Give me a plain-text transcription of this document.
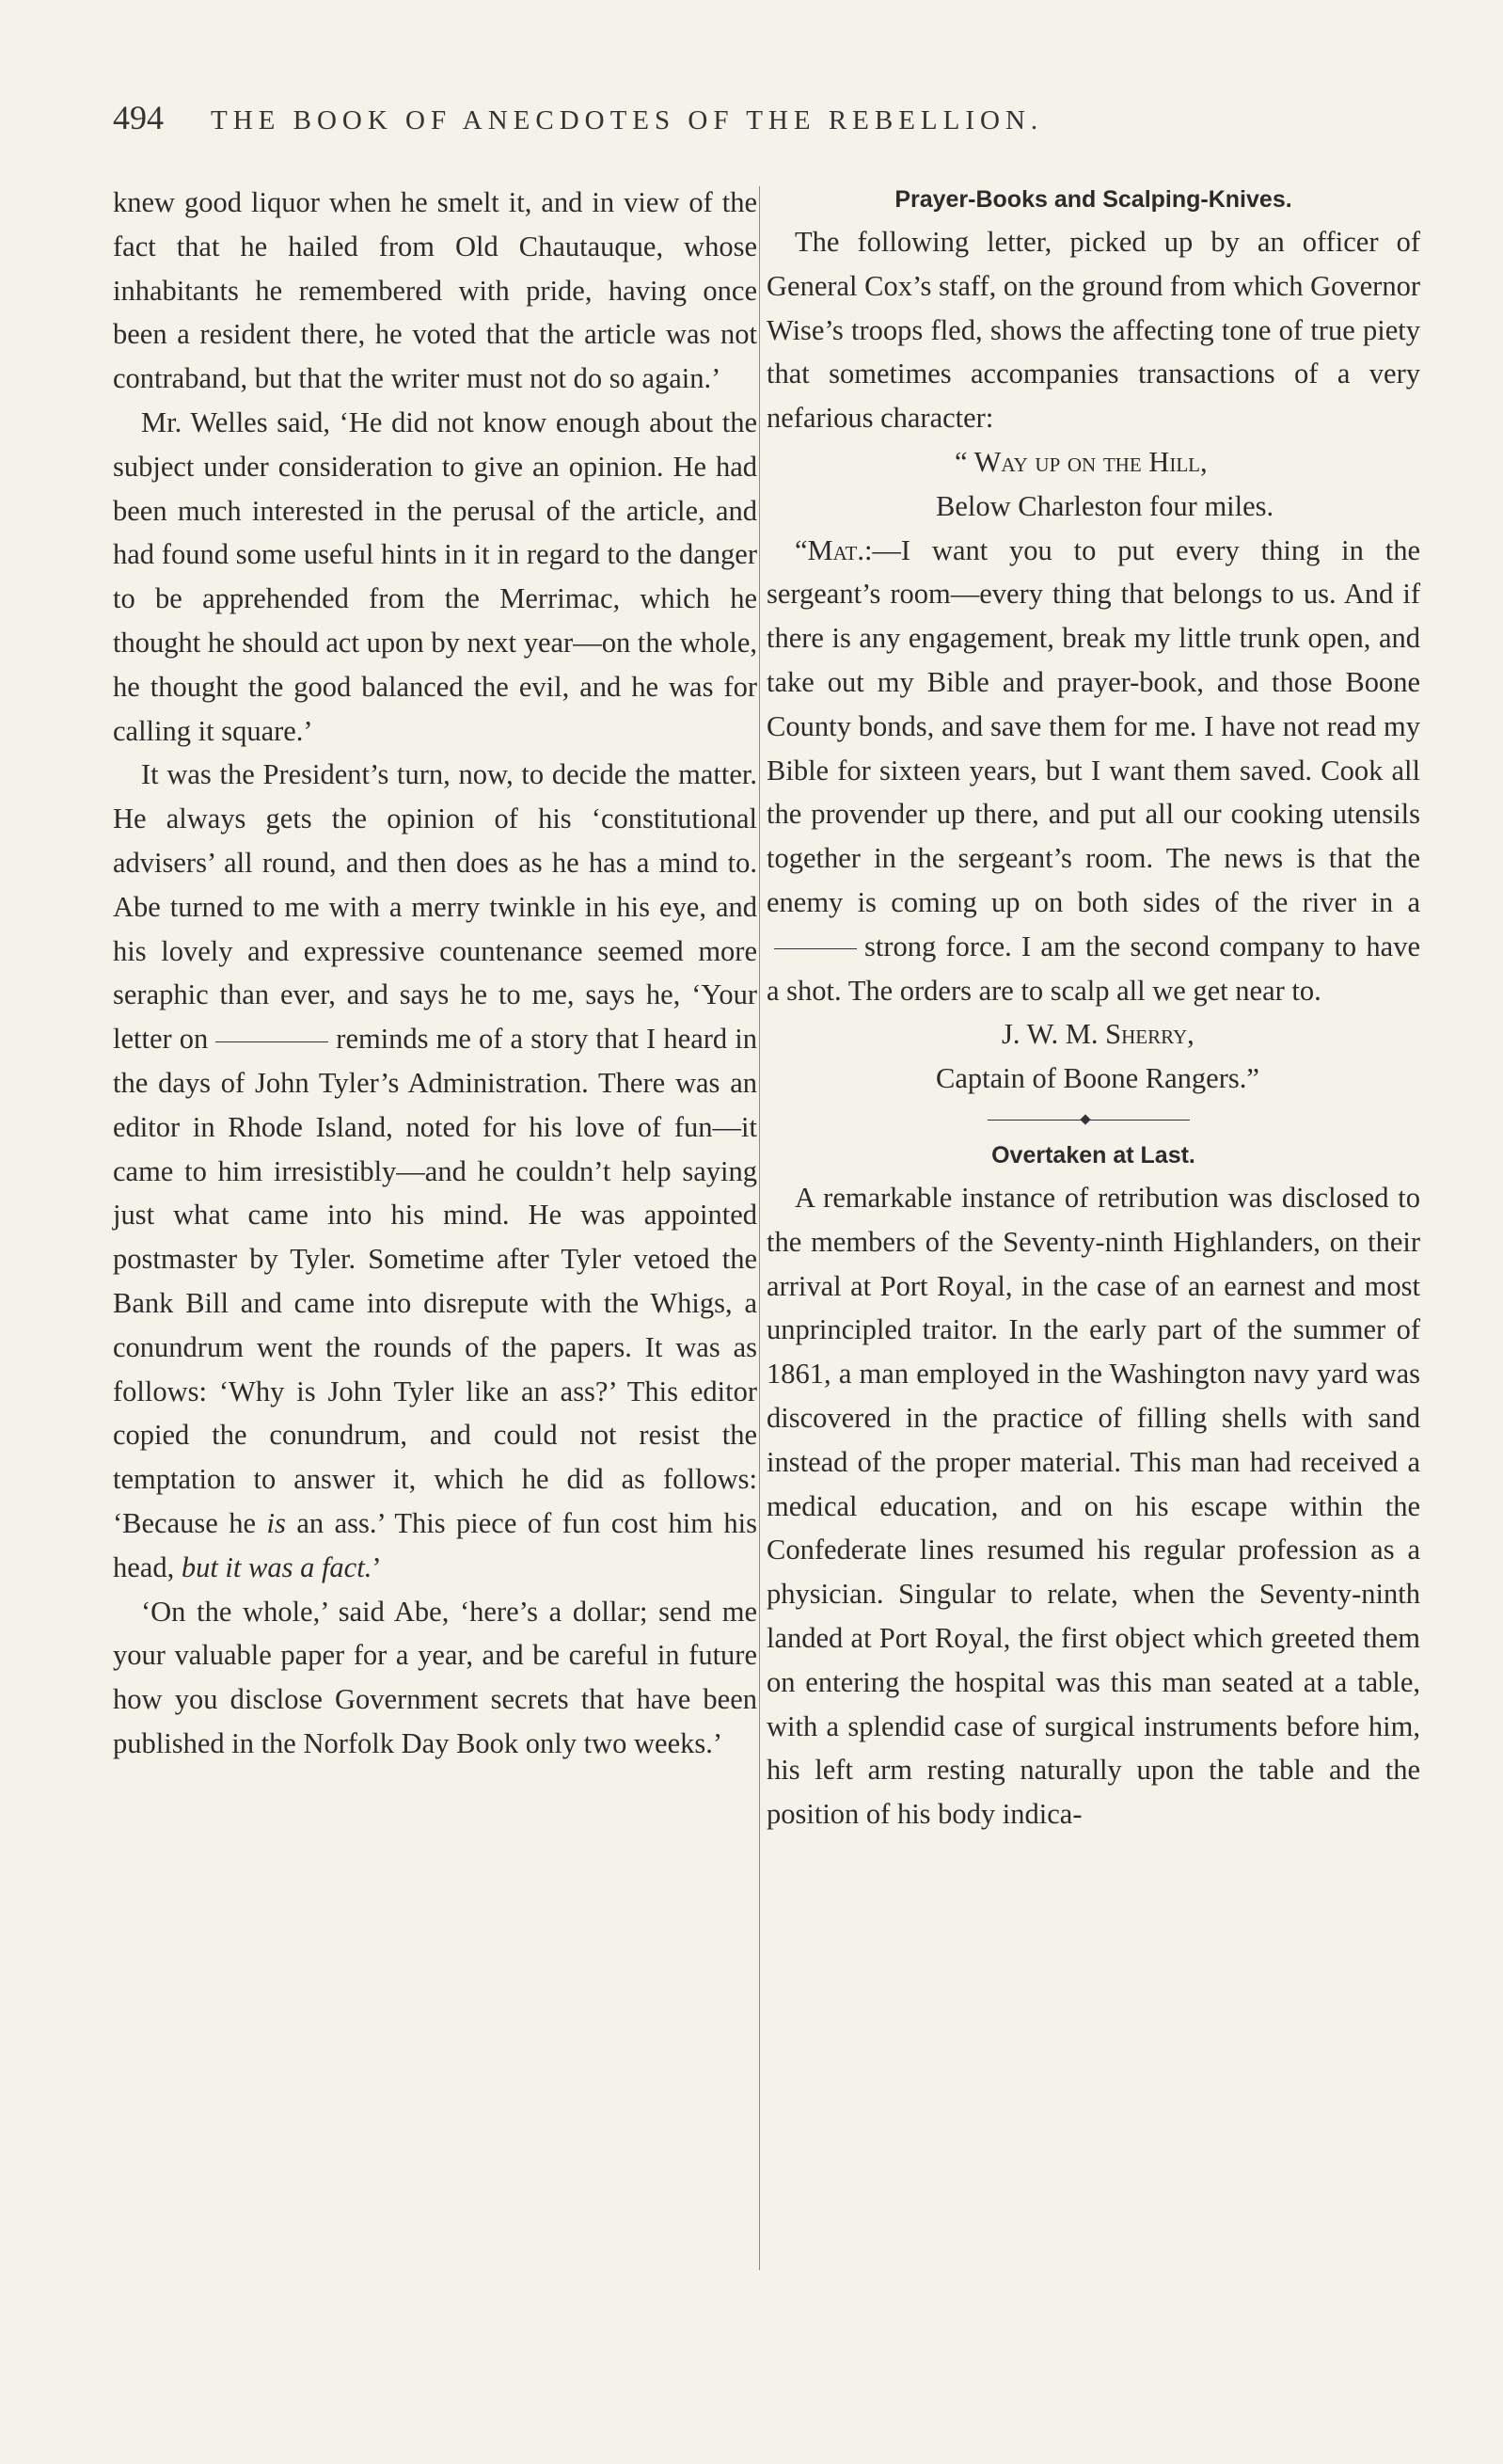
494 THE BOOK OF ANECDOTES OF THE REBELLION.

knew good liquor when he smelt it, and in view of the fact that he hailed from Old Chautauque, whose inhabitants he remembered with pride, having once been a resident there, he voted that the article was not contraband, but that the writer must not do so again.’

Mr. Welles said, ‘He did not know enough about the subject under consideration to give an opinion. He had been much interested in the perusal of the article, and had found some useful hints in it in regard to the danger to be apprehended from the Merrimac, which he thought he should act upon by next year—on the whole, he thought the good balanced the evil, and he was for calling it square.’

It was the President’s turn, now, to decide the matter. He always gets the opinion of his ‘constitutional advisers’ all round, and then does as he has a mind to. Abe turned to me with a merry twinkle in his eye, and his lovely and expressive countenance seemed more seraphic than ever, and says he to me, says he, ‘Your letter on	reminds me of a story that I heard in the days of John Tyler’s Administration. There was an editor in Rhode Island, noted for his love of fun—it came to him irresistibly—and he couldn’t help saying just what came into his mind. He was appointed postmaster by Tyler. Sometime after Tyler vetoed the Bank Bill and came into disrepute with the Whigs, a conundrum went the rounds of the papers. It was as follows: ‘Why is John Tyler like an ass?’ This editor copied the conundrum, and could not resist the temptation to answer it, which he did as follows: ‘Because he is an ass.’ This piece of fun cost him his head, but it was a fact.’

‘On the whole,’ said Abe, ‘here’s a dollar; send me your valuable paper for a year, and be careful in future how you disclose Government secrets that have been published in the Norfolk Day Book only two weeks.’

Prayer-Books and Scalping-Knives.

The following letter, picked up by an officer of General Cox’s staff, on the ground from which Governor Wise’s troops fled, shows the affecting tone of true piety that sometimes accompanies transactions of a very nefarious character:

“ Way up on the Hill,
Below Charleston four miles.

“Mat.:—I want you to put every thing in the sergeant’s room—every thing that belongs to us. And if there is any engagement, break my little trunk open, and take out my Bible and prayer-book, and those Boone County bonds, and save them for me. I have not read my Bible for sixteen years, but I want them saved. Cook all the provender up there, and put all our cooking utensils together in the sergeant’s room. The news is that the enemy is coming up on both sides of the river in astrong force. I am the second company to have a shot. The orders are to scalp all we get near to.

J. W. M. Sherry,
Captain of Boone Rangers.”

Overtaken at Last.

A remarkable instance of retribution was disclosed to the members of the Seventy-ninth Highlanders, on their arrival at Port Royal, in the case of an earnest and most unprincipled traitor. In the early part of the summer of 1861, a man employed in the Washington navy yard was discovered in the practice of filling shells with sand instead of the proper material. This man had received a medical education, and on his escape within the Confederate lines resumed his regular profession as a physician. Singular to relate, when the Seventy-ninth landed at Port Royal, the first object which greeted them on entering the hospital was this man seated at a table, with a splendid case of surgical instruments before him, his left arm resting naturally upon the table and the position of his body indica-
